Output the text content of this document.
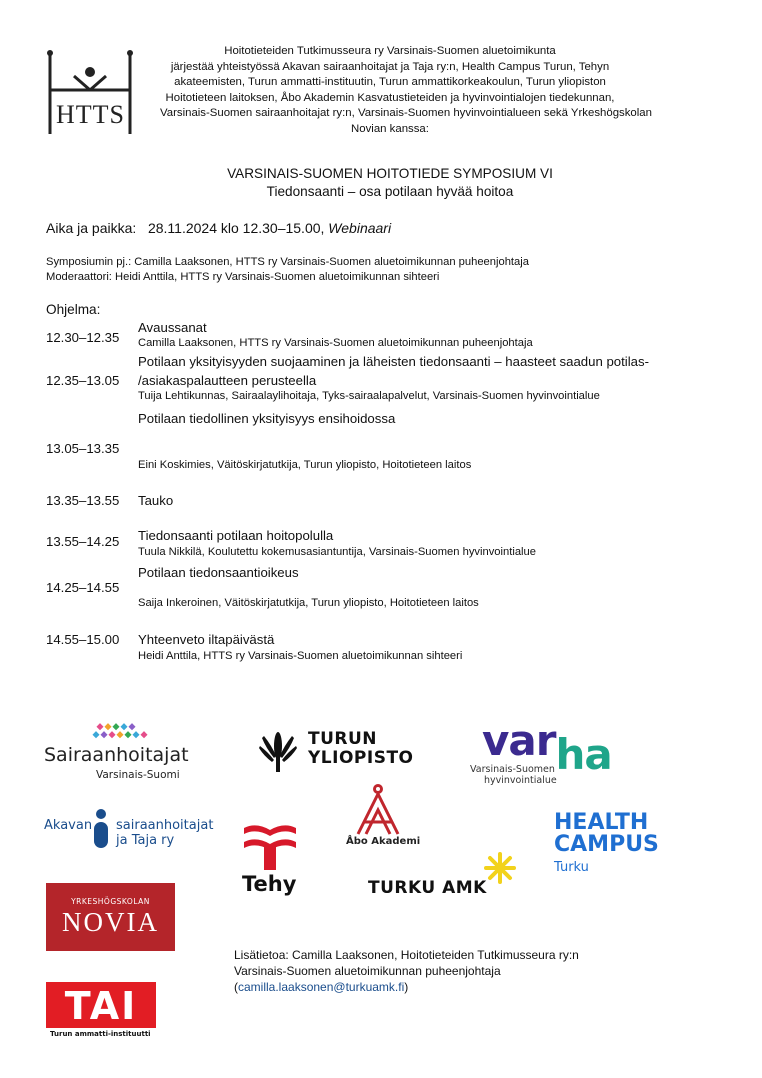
HTTS
Hoitotieteiden Tutkimusseura ry Varsinais-Suomen aluetoimikunta
järjestää yhteistyössä Akavan sairaanhoitajat ja Taja ry:n, Health Campus Turun, Tehyn
akateemisten, Turun ammatti-instituutin, Turun ammattikorkeakoulun, Turun yliopiston
Hoitotieteen laitoksen, Åbo Akademin Kasvatustieteiden ja hyvinvointialojen tiedekunnan,
Varsinais-Suomen sairaanhoitajat ry:n, Varsinais-Suomen hyvinvointialueen sekä Yrkeshögskolan
Novian kanssa:
VARSINAIS-SUOMEN HOITOTIEDE SYMPOSIUM VI
Tiedonsaanti – osa potilaan hyvää hoitoa
Aika ja paikka: 28.11.2024 klo 12.30–15.00, Webinaari
Symposiumin pj.: Camilla Laaksonen, HTTS ry Varsinais-Suomen aluetoimikunnan puheenjohtaja
Moderaattori: Heidi Anttila, HTTS ry Varsinais-Suomen aluetoimikunnan sihteeri
Ohjelma:
12.30–12.35
Avaussanat
Camilla Laaksonen, HTTS ry Varsinais-Suomen aluetoimikunnan puheenjohtaja
Potilaan yksityisyyden suojaaminen ja läheisten tiedonsaanti – haasteet saadun potilas-
12.35–13.05 /asiakaspalautteen perusteella
Tuija Lehtikunnas, Sairaalaylihoitaja, Tyks-sairaalapalvelut, Varsinais-Suomen hyvinvointialue
Potilaan tiedollinen yksityisyys ensihoidossa
13.05–13.35
Eini Koskimies, Väitöskirjatutkija, Turun yliopisto, Hoitotieteen laitos
13.35–13.55 Tauko
Tiedonsaanti potilaan hoitopolulla
13.55–14.25
Tuula Nikkilä, Koulutettu kokemusasiantuntija, Varsinais-Suomen hyvinvointialue
Potilaan tiedonsaantioikeus
14.25–14.55
Saija Inkeroinen, Väitöskirjatutkija, Turun yliopisto, Hoitotieteen laitos
14.55–15.00 Yhteenveto iltapäivästä
Heidi Anttila, HTTS ry Varsinais-Suomen aluetoimikunnan sihteeri
Sairaanhoitajat
Varsinais-Suomi
TURUN
YLIOPISTO varha
Varsinais-Suomen
hyvinvointialue
Akavan sairaanhoitajat
ja Taja ry	Åbo Akademi
HEALTH
CAMPUS
Turku
Tehy	TURKU AMK
YRKESHÖGSKOLAN
NOVIA
TAI
Turun ammatti-instituutti
Lisätietoa: Camilla Laaksonen, Hoitotieteiden Tutkimusseura ry:n
Varsinais-Suomen aluetoimikunnan puheenjohtaja
(camilla.laaksonen@turkuamk.fi)
